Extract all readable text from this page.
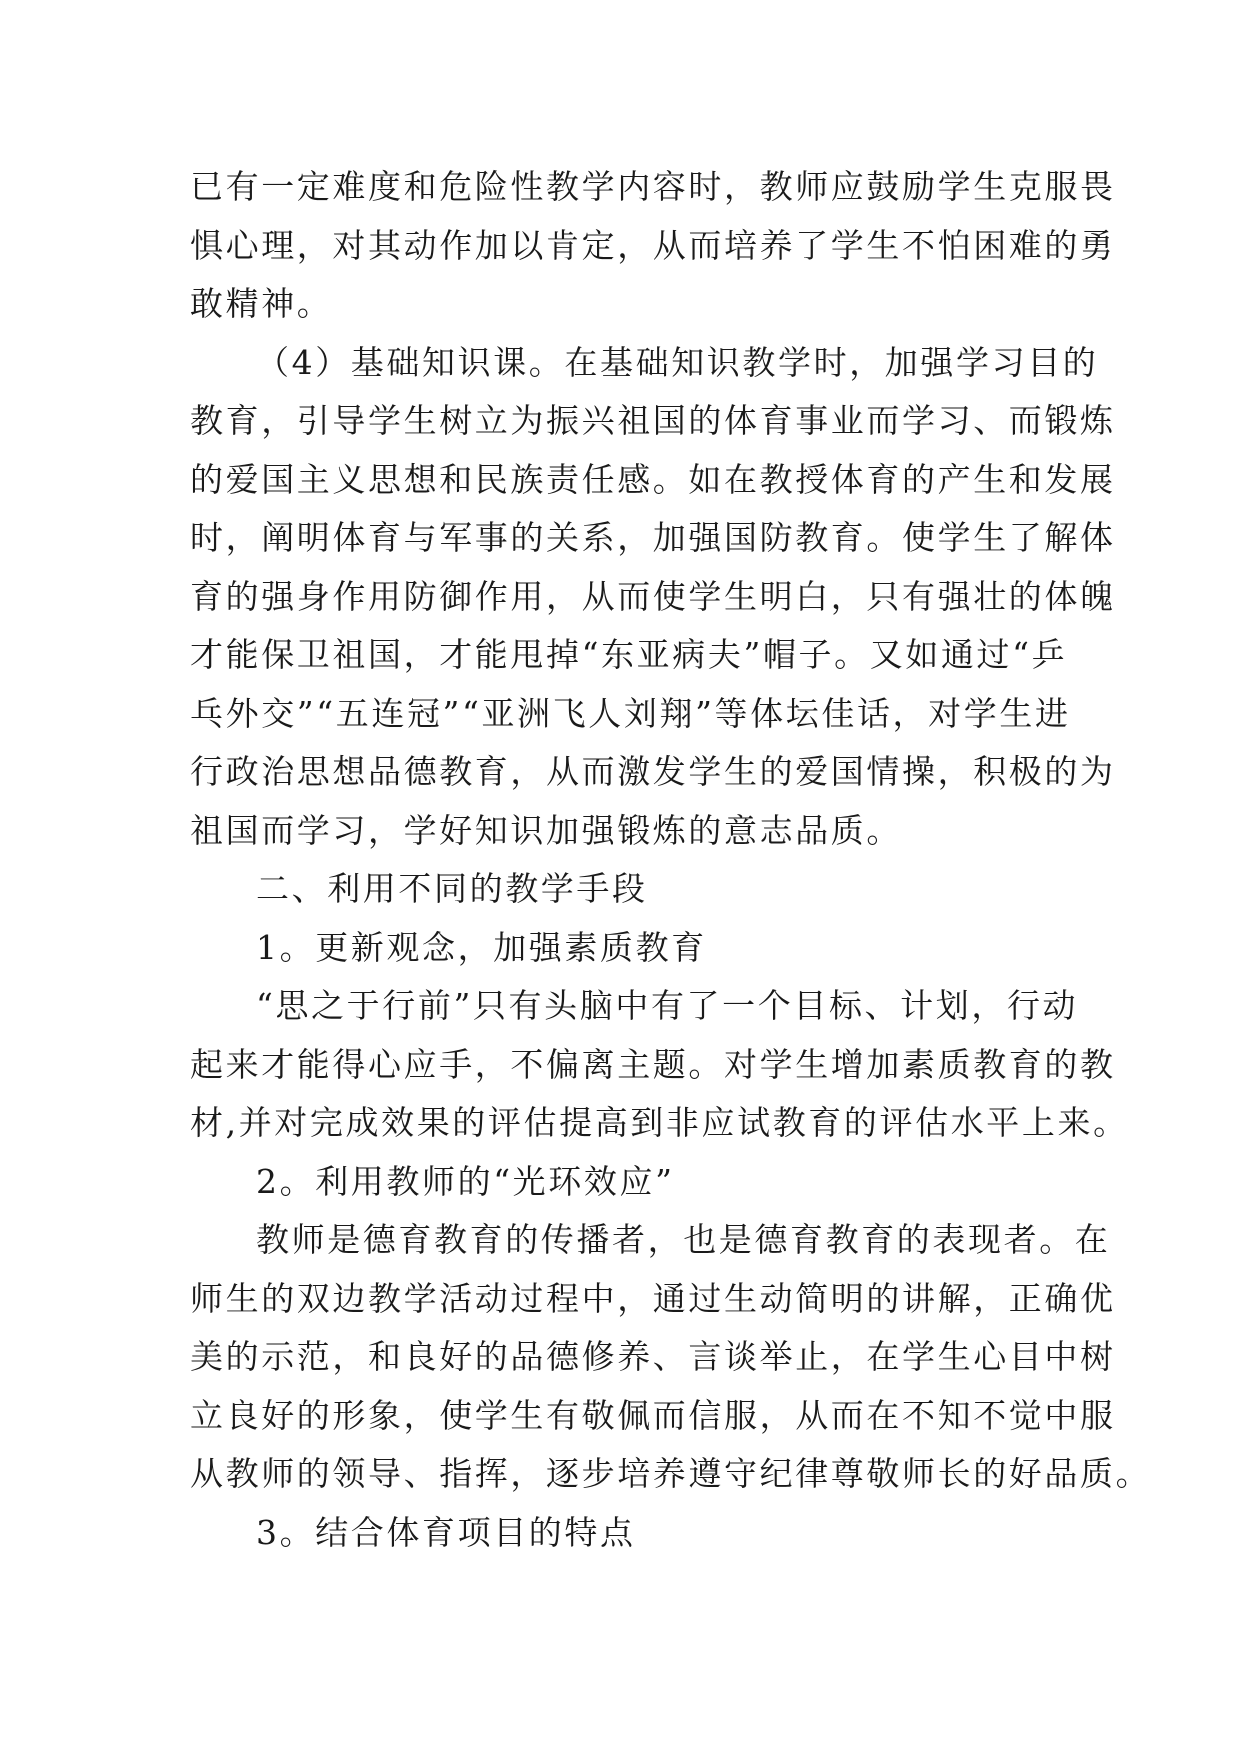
已有一定难度和危险性教学内容时，教师应鼓励学生克服畏
惧心理，对其动作加以肯定，从而培养了学生不怕困难的勇
敢精神。
（4）基础知识课。在基础知识教学时，加强学习目的
教育，引导学生树立为振兴祖国的体育事业而学习、而锻炼
的爱国主义思想和民族责任感。如在教授体育的产生和发展
时，阐明体育与军事的关系，加强国防教育。使学生了解体
育的强身作用防御作用，从而使学生明白，只有强壮的体魄
才能保卫祖国，才能甩掉“东亚病夫”帽子。又如通过“乒
乓外交”“五连冠”“亚洲飞人刘翔”等体坛佳话，对学生进
行政治思想品德教育，从而激发学生的爱国情操，积极的为
祖国而学习，学好知识加强锻炼的意志品质。
二、利用不同的教学手段
1。更新观念，加强素质教育
“思之于行前”只有头脑中有了一个目标、计划，行动
起来才能得心应手，不偏离主题。对学生增加素质教育的教
材,并对完成效果的评估提高到非应试教育的评估水平上来。
2。利用教师的“光环效应”
教师是德育教育的传播者，也是德育教育的表现者。在
师生的双边教学活动过程中，通过生动简明的讲解，正确优
美的示范，和良好的品德修养、言谈举止，在学生心目中树
立良好的形象，使学生有敬佩而信服，从而在不知不觉中服
从教师的领导、指挥，逐步培养遵守纪律尊敬师长的好品质。
3。结合体育项目的特点
